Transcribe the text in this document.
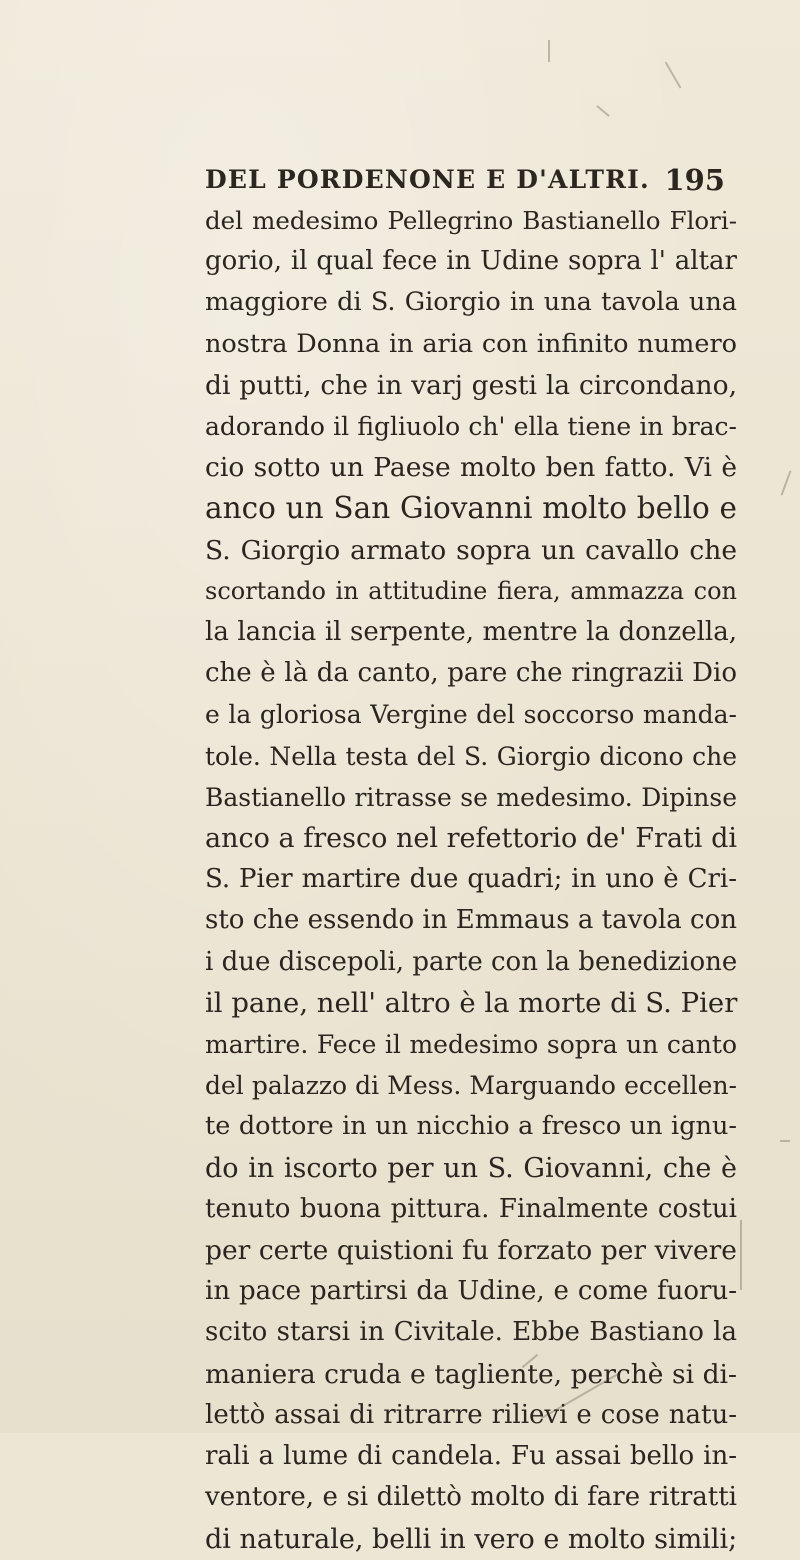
DEL PORDENONE E D'ALTRI. 195
del medesimo Pellegrino Bastianello Flori-
gorio, il qual fece in Udine sopra l' altar
maggiore di S. Giorgio in una tavola una
nostra Donna in aria con infinito numero
di putti, che in varj gesti la circondano,
adorando il figliuolo ch' ella tiene in brac-
cio sotto un Paese molto ben fatto. Vi è
anco un San Giovanni molto bello e
S. Giorgio armato sopra un cavallo che
scortando in attitudine fiera, ammazza con
la lancia il serpente, mentre la donzella,
che è là da canto, pare che ringrazii Dio
e la gloriosa Vergine del soccorso manda-
tole. Nella testa del S. Giorgio dicono che
Bastianello ritrasse se medesimo. Dipinse
anco a fresco nel refettorio de' Frati di
S. Pier martire due quadri; in uno è Cri-
sto che essendo in Emmaus a tavola con
i due discepoli, parte con la benedizione
il pane, nell' altro è la morte di S. Pier
martire. Fece il medesimo sopra un canto
del palazzo di Mess. Marguando eccellen-
te dottore in un nicchio a fresco un ignu-
do in iscorto per un S. Giovanni, che è
tenuto buona pittura. Finalmente costui
per certe quistioni fu forzato per vivere
in pace partirsi da Udine, e come fuoru-
scito starsi in Civitale. Ebbe Bastiano la
maniera cruda e tagliente, perchè si di-
lettò assai di ritrarre rilievi e cose natu-
rali a lume di candela. Fu assai bello in-
ventore, e si dilettò molto di fare ritratti
di naturale, belli in vero e molto simili;
